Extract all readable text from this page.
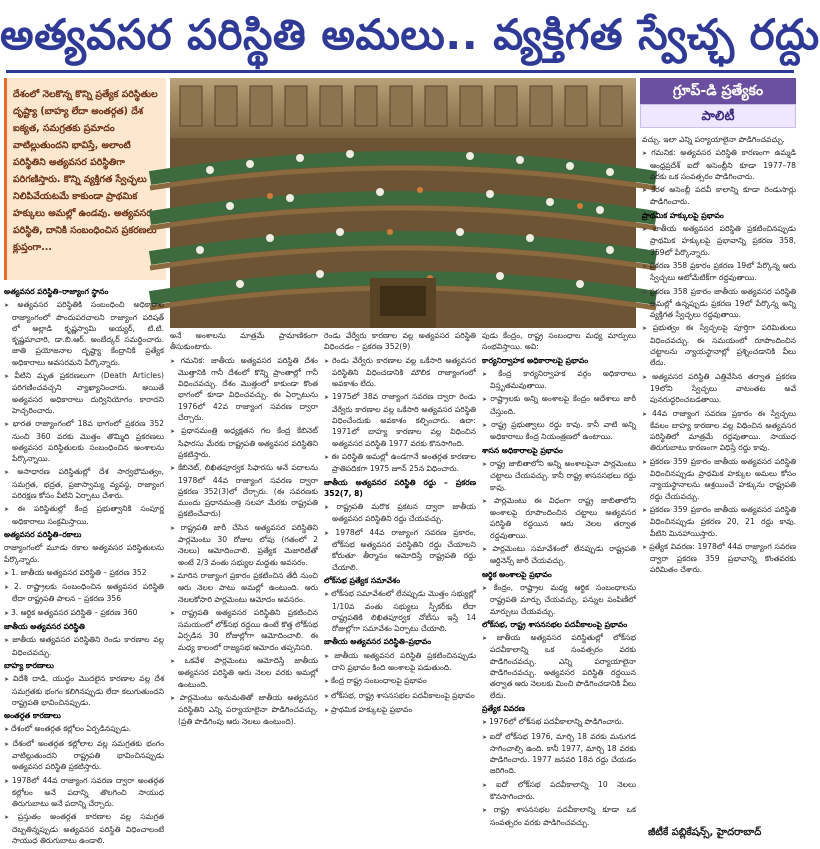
అత్యవసర పరిస్థితి అమలు.. వ్యక్తిగత స్వేచ్ఛ రద్దు
దేశంలో నెలకొన్న కొన్ని ప్రత్యేక పరిస్థితుల దృష్ట్యా (బాహ్య లేదా అంతర్గత) దేశ ఐక్యత, సమగ్రతకు ప్రమాదం వాటిల్లుతుందని భావిస్తే, అలాంటి పరిస్థితిని అత్యవసర పరిస్థితిగా పరిగణిస్తారు. కొన్ని వ్యక్తిగత స్వేచ్ఛలు నిలిపివేయటమే కాకుండా ప్రాథమిక హక్కులు అమల్లో ఉండవు. అత్యవసర పరిస్థితి, దానికి సంబంధించిన ప్రకరణలు క్లుప్తంగా...
గ్రూప్-డి ప్రత్యేకం
పాలిటీ

అత్యవసర పరిస్థితి–రాజ్యాంగ స్థానం

➤ అత్యవసర పరిస్థితికి సంబంధించి అధికారాల రాజ్యాంగంలో పొందుపరచాలని రాజ్యాంగ పరిషత్ లో అల్లాడి కృష్ణస్వామి అయ్యర్, టి.టి. కృష్ణమాచారి, డా.బి.ఆర్. అంబేద్కర్ సమర్థించారు. జాతి ప్రయోజనాల దృష్ట్యా కేంద్రానికి ప్రత్యేక అధికారాలు అవసరమని పేర్కొన్నారు.

➤ వీటిని మృత ప్రకరణలుగా (Death Articles) పరిగణించవచ్చని వ్యాఖ్యానించారు. అయితే అత్యవసర అధికారాలు దుర్వినియోగం కారాదని హెచ్చరించారు.

➤ భారత రాజ్యాంగంలో 18వ భాగంలో ప్రకరణ 352 నుంచి 360 వరకు మొత్తం తొమ్మిది ప్రకరణలు అత్యవసర పరిస్థితులకు సంబంధించిన అంశాలను పేర్కొన్నాయి.

➤ అసాధారణ పరిస్థితుల్లో దేశ సార్వభౌమత్వం, సమగ్రత, భద్రత, ప్రజాస్వామ్య వ్యవస్థ, రాజ్యాంగ పరిరక్షణ కోసం వీటిని ఏర్పాటు చేశారు.

➤ ఈ పరిస్థితుల్లో కేంద్ర ప్రభుత్వానికి సంపూర్ణ అధికారాలు సంక్రమిస్తాయి.

అత్యవసర పరిస్థితి–రకాలు

రాజ్యాంగంలో మూడు రకాల అత్యవసర పరిస్థితులను పేర్కొన్నారు.

➤ 1. జాతీయ అత్యవసర పరిస్థితి – ప్రకరణ 352

➤ 2. రాష్ట్రాలకు సంబంధించిన అత్యవసర పరిస్థితి లేదా రాష్ట్రపతి పాలన – ప్రకరణ 356

➤ 3. ఆర్థిక అత్యవసర పరిస్థితి – ప్రకరణ 360

జాతీయ అత్యవసర పరిస్థితి

➤ జాతీయ అత్యవసర పరిస్థితిని రెండు కారణాల వల్ల విధించవచ్చు.

బాహ్య కారణాలు

➤ విదేశీ దాడి, యుద్ధం మొదలైన కారణాల వల్ల దేశ సమగ్రతకు భంగం కలిగినప్పుడు లేదా కలుగుతుందని రాష్ట్రపతి భావించినప్పుడు.

అంతర్గత కారణాలు

➤ దేశంలో అంతర్గత కల్లోలం ఏర్పడినప్పుడు.

➤ దేశంలో అంతర్గత కల్లోలాల వల్ల సమగ్రతకు భంగం వాటిల్లుతుందని రాష్ట్రపతి భావించినప్పుడు అత్యవసర పరిస్థితి ప్రకటిస్తారు.

➤ 1978లో 44వ రాజ్యాంగ సవరణ ద్వారా అంతర్గత కల్లోలం అనే పదాన్ని తొలగించి సాయుధ తిరుగుబాటు అనే పదాన్ని చేర్చారు.

➤ ప్రస్తుతం అంతర్గత కారణాల వల్ల సమగ్రత దెబ్బతిన్నప్పుడు అత్యవసర పరిస్థితి విధించాలంటే సాయుధ తిరుగుబాటు ఉండాలి.

అనే అంశాలను మాత్రమే ప్రామాణికంగా తీసుకుంటారు.

➤ గమనిక: జాతీయ అత్యవసర పరిస్థితి దేశం మొత్తానికి గానీ దేశంలో కొన్ని ప్రాంతాల్లో గానీ విధించవచ్చు. దేశం మొత్తంలో కాకుండా కొంత భాగంలో కూడా విధించవచ్చు. ఈ ఏర్పాటును 1976లో 42వ రాజ్యాంగ సవరణ ద్వారా చేర్చారు.

➤ ప్రధానమంత్రి అధ్యక్షతన గల కేంద్ర కేబినెట్ సిఫారసు మేరకు రాష్ట్రపతి అత్యవసర పరిస్థితిని ప్రకటిస్తారు.

➤ కేబినెట్, లిఖితపూర్వక సిఫారసు అనే పదాలను 1978లో 44వ రాజ్యాంగ సవరణ ద్వారా ప్రకరణ 352(3)లో చేర్చారు. (ఈ సవరణకు ముందు ప్రధానమంత్రి సలహా మేరకు రాష్ట్రపతి ప్రకటించేవారు)

➤ రాష్ట్రపతి జారీ చేసిన అత్యవసర పరిస్థితిని పార్లమెంటు 30 రోజుల లోపు (గతంలో 2 నెలలు) ఆమోదించాలి. ప్రత్యేక మెజారిటీతో అంటే 2/3 వంతు సభ్యుల మద్దతు అవసరం.

➤ మారిన రాజ్యాంగ ప్రకారం ప్రకటించిన తేదీ నుంచి ఆరు నెలల పాటు అమల్లో ఉంటుంది. ఆరు నెలలకోసారి పార్లమెంటు ఆమోదం అవసరం.

➤ రాష్ట్రపతి అత్యవసర పరిస్థితిని ప్రకటించిన సమయంలో లోక్‌సభ రద్దయి ఉంటే కొత్త లోక్‌సభ ఏర్పడిన 30 రోజుల్లోగా ఆమోదించాలి. ఈ మధ్య కాలంలో రాజ్యసభ ఆమోదం తప్పనిసరి.

➤ ఒకవేళ పార్లమెంటు ఆమోదిస్తే జాతీయ అత్యవసర పరిస్థితి ఆరు నెలల వరకు అమల్లో ఉంటుంది.

➤ పార్లమెంటు అనుమతితో జాతీయ అత్యవసర పరిస్థితిని ఎన్ని పర్యాయాలైనా పొడిగించవచ్చు. (ప్రతి పొడిగింపు ఆరు నెలలు ఉంటుంది).

రెండు వేర్వేరు కారణాల వల్ల అత్యవసర పరిస్థితి విధించడం – ప్రకరణ 352(9)

➤ రెండు వేర్వేరు కారణాల వల్ల ఒకేసారి అత్యవసర పరిస్థితిని విధించడానికి మౌలిక రాజ్యాంగంలో అవకాశం లేదు.

➤ 1975లో 38వ రాజ్యాంగ సవరణ ద్వారా రెండు వేర్వేరు కారణాల వల్ల ఒకేసారి అత్యవసర పరిస్థితి విధించేందుకు అవకాశం కల్పించారు. ఉదా: 1971లో బాహ్య కారణాల వల్ల విధించిన అత్యవసర పరిస్థితి 1977 వరకు కొనసాగింది.

➤ ఈ పరిస్థితి అమల్లో ఉండగానే అంతర్గత కారణాల ప్రాతిపదికగా 1975 జూన్ 25న విధించారు.

జాతీయ అత్యవసర పరిస్థితి రద్దు – ప్రకరణ 352(7, 8)

➤ రాష్ట్రపతి మరొక ప్రకటన ద్వారా జాతీయ అత్యవసర పరిస్థితిని రద్దు చేయవచ్చు.

➤ 1978లో 44వ రాజ్యాంగ సవరణ ప్రకారం, లోక్‌సభ అత్యవసర పరిస్థితిని రద్దు చేయాలని కోరుతూ తీర్మానం ఆమోదిస్తే రాష్ట్రపతి రద్దు చేయాలి.

లోక్‌సభ ప్రత్యేక సమావేశం

➤ లోక్‌సభ సమావేశంలో లేనప్పుడు మొత్తం సభ్యుల్లో 1/10వ వంతు సభ్యులు స్పీకర్‌కు లేదా రాష్ట్రపతికి లిఖితపూర్వక నోటీసు ఇస్తే 14 రోజుల్లోగా సమావేశం ఏర్పాటు చేయాలి.

జాతీయ అత్యవసర పరిస్థితి–ప్రభావం

➤ జాతీయ అత్యవసర పరిస్థితి ప్రకటించినప్పుడు దాని ప్రభావం కింది అంశాలపై పడుతుంది.

➤ కేంద్ర రాష్ట్ర సంబంధాలపై ప్రభావం

➤ లోక్‌సభ, రాష్ట్ర శాసనసభల పదవీకాలంపై ప్రభావం

➤ ప్రాథమిక హక్కులపై ప్రభావం

పుడు కేంద్రం, రాష్ట్ర సంబంధాల మధ్య మార్పులు సంభవిస్తాయి. అవి:

కార్యనిర్వాహక అధికారాలపై ప్రభావం

➤ కేంద్ర కార్యనిర్వాహక వర్గం అధికారాలు విస్తృతమవుతాయి.

➤ రాష్ట్రాలకు అన్ని అంశాలపై కేంద్రం ఆదేశాలు జారీ చేస్తుంది.

➤ రాష్ట్ర ప్రభుత్వాలు రద్దు కావు. కానీ వాటి అన్ని అధికారాలు కేంద్ర నియంత్రణలో ఉంటాయి.

శాసన అధికారాలపై ప్రభావం

➤ రాష్ట్ర జాబితాలోని అన్ని అంశాలపైనా పార్లమెంటు చట్టాలు చేయవచ్చు. కానీ రాష్ట్ర శాసనసభలు రద్దు కావు.

➤ పార్లమెంటు ఈ విధంగా రాష్ట్ర జాబితాలోని అంశాలపై రూపొందించిన చట్టాలు అత్యవసర పరిస్థితి రద్దయిన ఆరు నెలల తర్వాత రద్దవుతాయి.

➤ పార్లమెంటు సమావేశంలో లేనప్పుడు రాష్ట్రపతి ఆర్డినెన్స్ జారీ చేయవచ్చు.

ఆర్థిక అంశాలపై ప్రభావం

➤ కేంద్రం, రాష్ట్రాల మధ్య ఆర్థిక సంబంధాలను రాష్ట్రపతి మార్పు చేయవచ్చు. పన్నుల పంపిణీలో మార్పులు చేయవచ్చు.

లోక్‌సభ, రాష్ట్ర శాసనసభల పదవీకాలంపై ప్రభావం

➤ జాతీయ అత్యవసర పరిస్థితుల్లో లోక్‌సభ పదవీకాలాన్ని ఒక సంవత్సరం వరకు పొడిగించవచ్చు. ఎన్ని పర్యాయాలైనా పొడిగించవచ్చు. అత్యవసర పరిస్థితి రద్దయిన తర్వాత ఆరు నెలలకు మించి పొడిగించడానికి వీలు లేదు.

ప్రత్యేక వివరణ

➤ 1976లో లోక్‌సభ పదవీకాలాన్ని పొడిగించారు.

➤ ఐదో లోక్‌సభ 1976, మార్చి 18 వరకు మనుగడ సాగించాల్సి ఉంది. కానీ 1977, మార్చి 18 వరకు పొడిగించారు. 1977 జనవరి 18న రద్దు చేయడం జరిగింది.

➤ ఐదో లోక్‌సభ పదవీకాలాన్ని 10 నెలలు కొనసాగించారు.

➤ రాష్ట్ర శాసనసభల పదవీకాలాన్ని కూడా ఒక సంవత్సరం వరకు పొడిగించవచ్చు.

వచ్చు. ఇలా ఎన్ని పర్యాయాలైనా పొడిగించవచ్చు.

➤ గమనిక: అత్యవసర పరిస్థితి కారణంగా ఉమ్మడి ఆంధ్రప్రదేశ్ ఐదో అసెంబ్లీని కూడా 1977–78 వరకు ఒక సంవత్సరం పొడిగించారు.

➤ కేరళ అసెంబ్లీ పదవీ కాలాన్ని కూడా రెండుసార్లు పొడిగించారు.

ప్రాథమిక హక్కులపై ప్రభావం

➤ జాతీయ అత్యవసర పరిస్థితి ప్రకటించినప్పుడు ప్రాథమిక హక్కులపై ప్రభావాన్ని ప్రకరణ 358, 359లో పేర్కొన్నారు.

➤ ప్రకరణ 358 ప్రకారం ప్రకరణ 19లో పేర్కొన్న ఆరు స్వేచ్ఛలు ఆటోమేటిక్‌గా రద్దవుతాయి.

➤ ప్రకరణ 358 ప్రకారం జాతీయ అత్యవసర పరిస్థితి అమల్లో ఉన్నప్పుడు ప్రకరణ 19లో పేర్కొన్న అన్ని వ్యక్తిగత స్వేచ్ఛలు రద్దవుతాయి.

➤ ప్రభుత్వం ఈ స్వేచ్ఛలపై పూర్తిగా పరిమితులు విధించవచ్చు. ఈ సమయంలో రూపొందించిన చట్టాలను న్యాయస్థానాల్లో ప్రశ్నించడానికి వీలు లేదు.

➤ అత్యవసర పరిస్థితి ఎత్తివేసిన తర్వాత ప్రకరణ 19లోని స్వేచ్ఛలు వాటంతట అవే పునరుద్ధరించబడతాయి.

➤ 44వ రాజ్యాంగ సవరణ ప్రకారం ఈ స్వేచ్ఛలు కేవలం బాహ్య కారణాల వల్ల విధించిన అత్యవసర పరిస్థితిలో మాత్రమే రద్దవుతాయి. సాయుధ తిరుగుబాటు కారణంగా విధిస్తే రద్దు కావు.

➤ ప్రకరణ 359 ప్రకారం జాతీయ అత్యవసర పరిస్థితి విధించినప్పుడు ప్రాథమిక హక్కుల అమలు కోసం న్యాయస్థానాలను ఆశ్రయించే హక్కును రాష్ట్రపతి రద్దు చేయవచ్చు.

➤ ప్రకరణ 359 ప్రకారం జాతీయ అత్యవసర పరిస్థితి విధించినప్పుడు ప్రకరణ 20, 21 రద్దు కావు. వీటిని మినహాయిస్తారు.

➤ ప్రత్యేక వివరణ: 1978లో 44వ రాజ్యాంగ సవరణ ద్వారా ప్రకరణ 359 ప్రభావాన్ని కొంతవరకు పరిమితం చేశారు.

జీటీకే పబ్లికేషన్స్, హైదరాబాద్
